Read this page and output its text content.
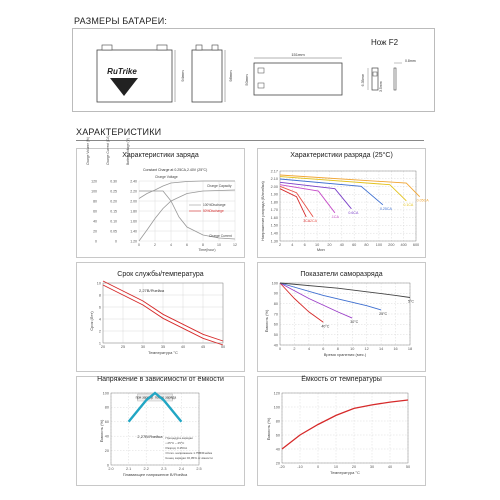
РАЗМЕРЫ БАТАРЕИ:
RuTrike	94mm	98mm
151mm
50mm	6.35mm
3.5mm
0.8mm
Нож F2
ХАРАКТЕРИСТИКИ
Характеристики заряда
Charge Volume (%)	Charge Current (CA)	Battery Voltage (V)
Constant Charge at 0.25CA,2.40V (25°C)
2.40
0.30
120
2.20
0.25
100
2.00
0.20
80
1.80
0.15
60
1.60
0.10
40
1.40
0.05
20
1.20
0
0
0	2	4	6	8	10	12
Time(hour)
Charge Voltage
Charge Capacity
100%Discharge
50%Discharge
Charge Current
Характеристики разряда (25°C)
Напряжение разряда (В/ячейка)
2.17
2.10
2.00
1.90
1.80
1.70
1.60
1.50
1.40
1.30
2	4	6 10 20 40 60 80 100 200 400 600
Мин
3CA 2CA
1CA
0.6CA
0.25CA
0.1CA
0.05CA
Срок службы/температура
Срок (Лет)
10
8
6
4
2
1
20	25	30	35	40	45	50
Температура °C
2,27В/Ячейка
Показатели саморазряда
Ёмкость (%)
100
90
80
70
60
50
40
0	2	4	6	8	10	12	14	16	18
Время хранения (мес.)
40°C
30°C
25°C
5°C
Напряжение в зависимости от ёмкости
Ёмкость (%)
100
80
60
40
20
0
2.0	2.1	2.2	2.3	2.4	2.5
Плавающее напряжение В/Ячейка
при заряде после заряда
2,27В/Ячейка Процедура зарядки
• 25°C ~ 25°C
Разряд: 0.25CA
Отсеч. напряжение 1.75В/Ячейка
Конец зарядки ±0,05% от ёмкости
Ёмкость от температуры
Ёмкость (%)
120
100
80
60
40
20
-20	-10	0	10	20	30	40	50
Температура °C
